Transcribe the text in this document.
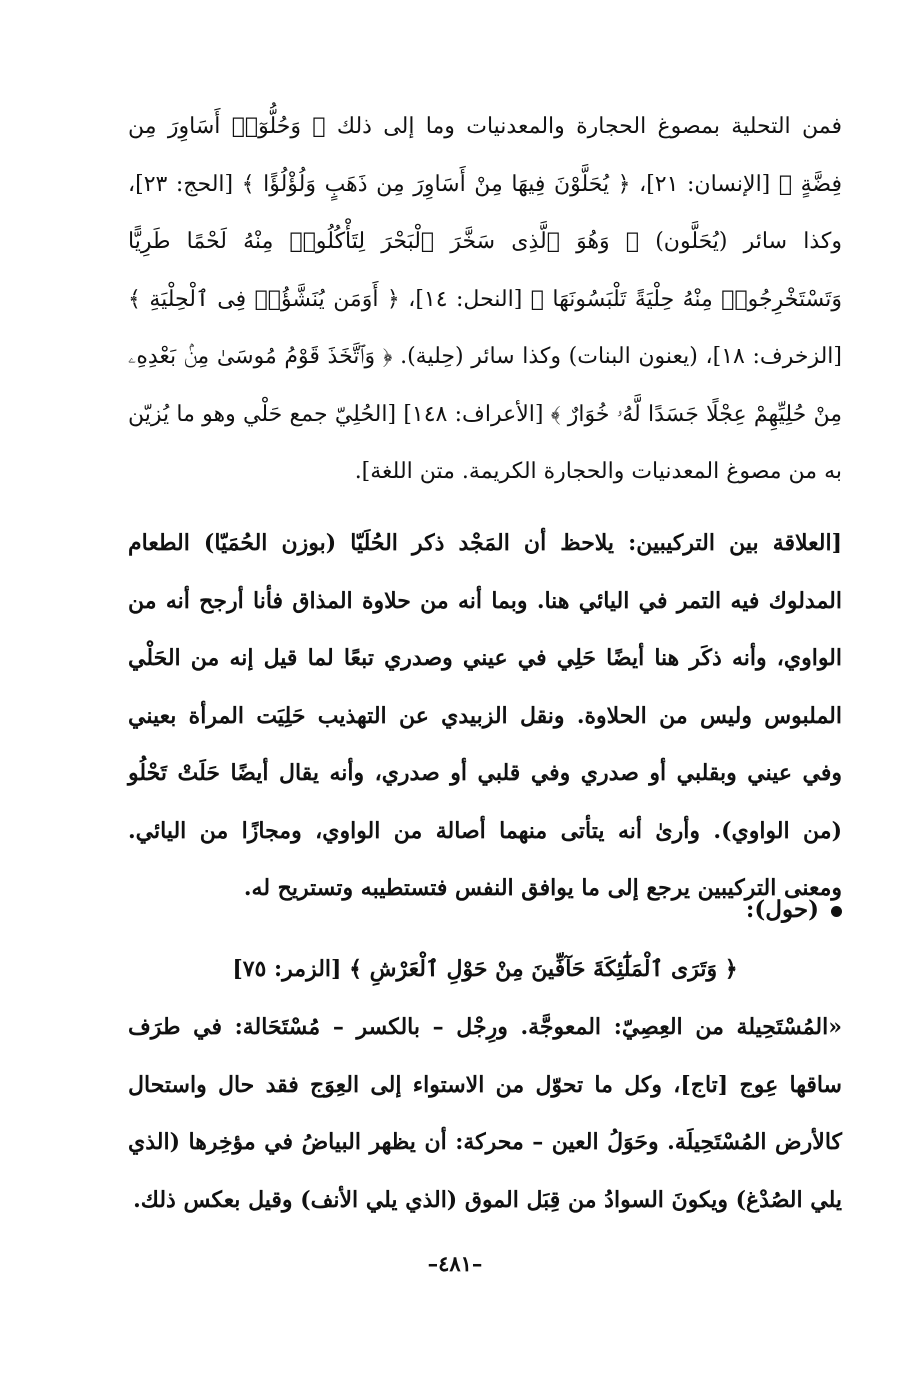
فمن التحلية بمصوغ الحجارة والمعدنيات وما إلى ذلك ﴿ وَحُلُّوٓا۟ أَسَاوِرَ مِن فِضَّةٍ ﴾ [الإنسان: ٢١]، ﴿ يُحَلَّوْنَ فِيهَا مِنْ أَسَاوِرَ مِن ذَهَبٍ وَلُؤْلُؤًا ﴾ [الحج: ٢٣]، وكذا سائر (يُحَلَّون) ﴿ وَهُوَ ٱلَّذِى سَخَّرَ ٱلْبَحْرَ لِتَأْكُلُوا۟ مِنْهُ لَحْمًا طَرِيًّا وَتَسْتَخْرِجُوا۟ مِنْهُ حِلْيَةً تَلْبَسُونَهَا ﴾ [النحل: ١٤]، ﴿ أَوَمَن يُنَشَّؤُا۟ فِى ٱلْحِلْيَةِ ﴾ [الزخرف: ١٨]، (يعنون البنات) وكذا سائر (حِلية). ﴿ وَٱتَّخَذَ قَوْمُ مُوسَىٰ مِنۢ بَعْدِهِۦ مِنْ حُلِيِّهِمْ عِجْلًا جَسَدًا لَّهُۥ خُوَارٌ ﴾ [الأعراف: ١٤٨] [الحُلِيّ جمع حَلْي وهو ما يُزيّن به من مصوغ المعدنيات والحجارة الكريمة. متن اللغة].

[العلاقة بين التركيبين: يلاحظ أن المَجْد ذكر الحُلَيّا (بوزن الحُمَيّا) الطعام المدلوك فيه التمر في اليائي هنا. وبما أنه من حلاوة المذاق فأنا أرجح أنه من الواوي، وأنه ذكَر هنا أيضًا حَلِي في عيني وصدري تبعًا لما قيل إنه من الحَلْي الملبوس وليس من الحلاوة. ونقل الزبيدي عن التهذيب حَلِيَت المرأة بعيني وفي عيني وبقلبي أو صدري وفي قلبي أو صدري، وأنه يقال أيضًا حَلَتْ تَحْلُو (من الواوي). وأرىٰ أنه يتأتى منهما أصالة من الواوي، ومجازًا من اليائي. ومعنى التركيبين يرجع إلى ما يوافق النفس فتستطيبه وتستريح له.

(حول):
﴿ وَتَرَى ٱلْمَلَٰٓئِكَةَ حَآفِّينَ مِنْ حَوْلِ ٱلْعَرْشِ ﴾ [الزمر: ٧٥]

«المُسْتَحِيلة من العِصِيّ: المعوجَّة. ورِجْل – بالكسر – مُسْتَحَالة: في طرَف ساقها عِوج [تاج]، وكل ما تحوّل من الاستواء إلى العِوَج فقد حال واستحال كالأرض المُسْتَحِيلَة. وحَوَلُ العين – محركة: أن يظهر البياضُ في مؤخِرها (الذي يلي الصُدْغ) ويكونَ السوادُ من قِبَل الموق (الذي يلي الأنف) وقيل بعكس ذلك.

–٤٨١–
